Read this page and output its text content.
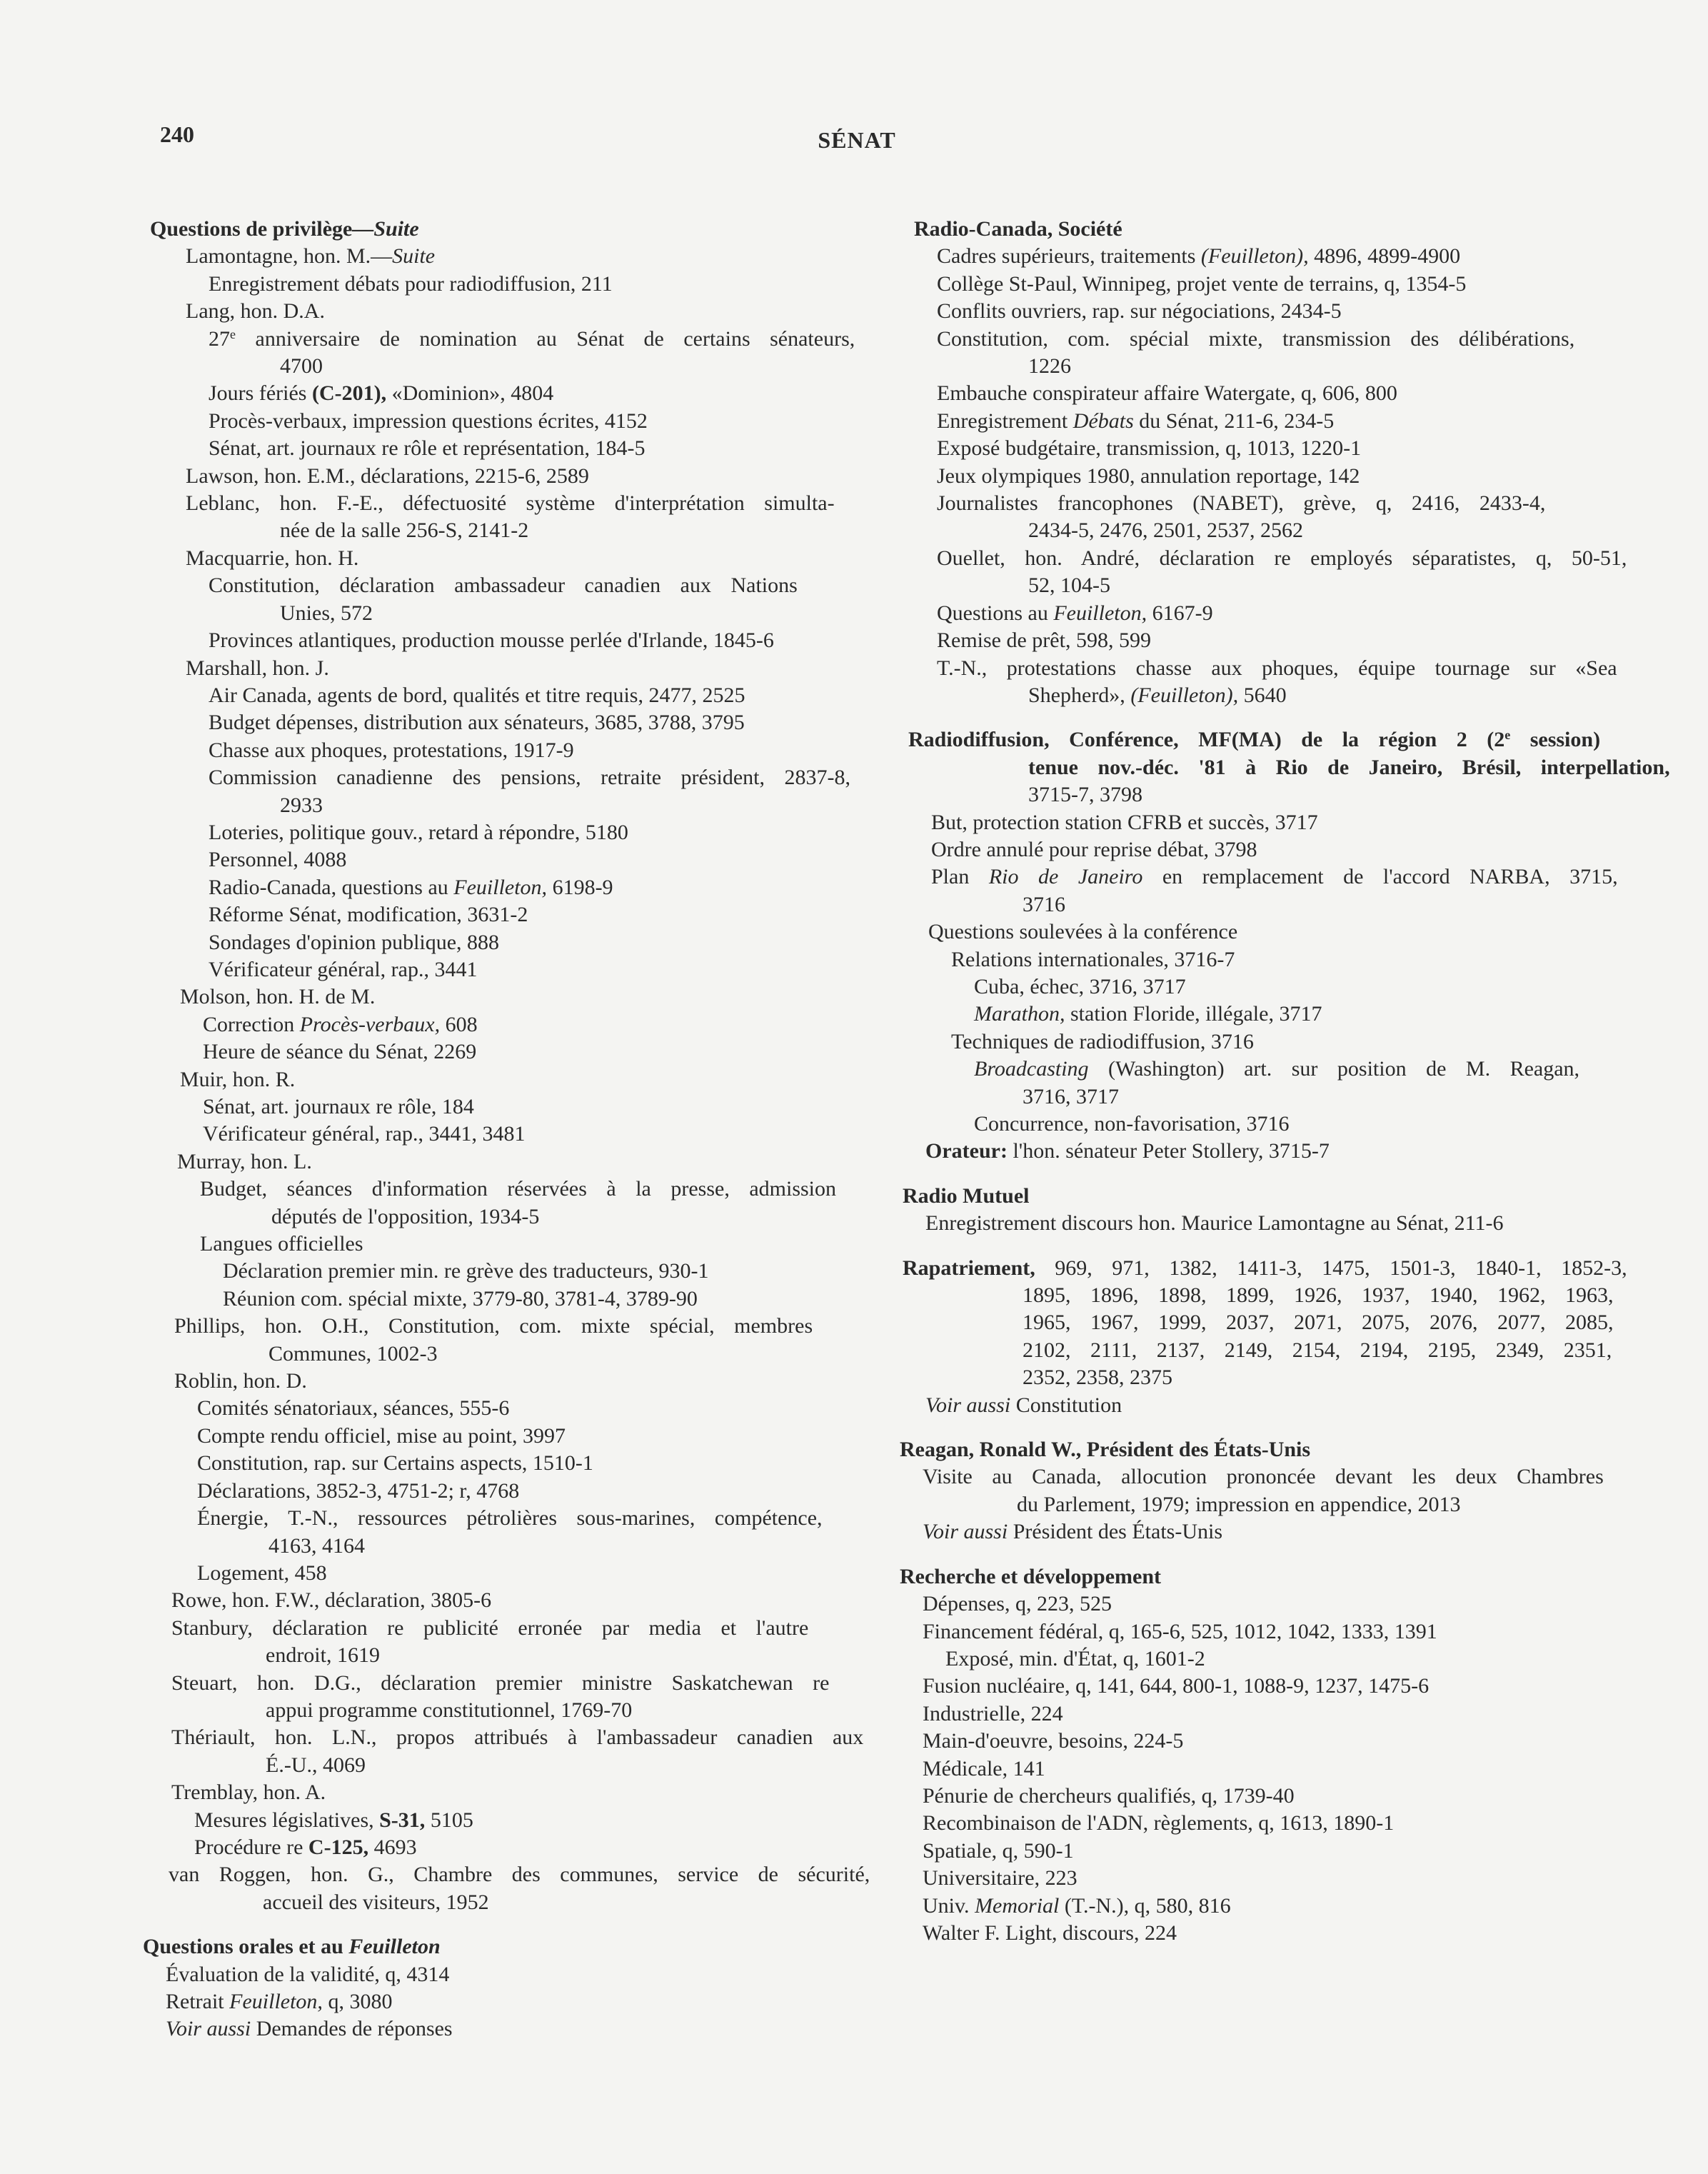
240	SÉNAT
Questions de privilège—Suite
Lamontagne, hon. M.—Suite
Enregistrement débats pour radiodiffusion, 211
Lang, hon. D.A.
27e anniversaire de nomination au Sénat de certains sénateurs,
4700
Jours fériés (C-201), «Dominion», 4804
Procès-verbaux, impression questions écrites, 4152
Sénat, art. journaux re rôle et représentation, 184-5
Lawson, hon. E.M., déclarations, 2215-6, 2589
Leblanc, hon. F.-E., défectuosité système d'interprétation simulta-
née de la salle 256-S, 2141-2
Macquarrie, hon. H.
Constitution, déclaration ambassadeur canadien aux Nations
Unies, 572
Provinces atlantiques, production mousse perlée d'Irlande, 1845-6
Marshall, hon. J.
Air Canada, agents de bord, qualités et titre requis, 2477, 2525
Budget dépenses, distribution aux sénateurs, 3685, 3788, 3795
Chasse aux phoques, protestations, 1917-9
Commission canadienne des pensions, retraite président, 2837-8,
2933
Loteries, politique gouv., retard à répondre, 5180
Personnel, 4088
Radio-Canada, questions au Feuilleton, 6198-9
Réforme Sénat, modification, 3631-2
Sondages d'opinion publique, 888
Vérificateur général, rap., 3441
Molson, hon. H. de M.
Correction Procès-verbaux, 608
Heure de séance du Sénat, 2269
Muir, hon. R.
Sénat, art. journaux re rôle, 184
Vérificateur général, rap., 3441, 3481
Murray, hon. L.
Budget, séances d'information réservées à la presse, admission
députés de l'opposition, 1934-5
Langues officielles
Déclaration premier min. re grève des traducteurs, 930-1
Réunion com. spécial mixte, 3779-80, 3781-4, 3789-90
Phillips, hon. O.H., Constitution, com. mixte spécial, membres
Communes, 1002-3
Roblin, hon. D.
Comités sénatoriaux, séances, 555-6
Compte rendu officiel, mise au point, 3997
Constitution, rap. sur Certains aspects, 1510-1
Déclarations, 3852-3, 4751-2; r, 4768
Énergie, T.-N., ressources pétrolières sous-marines, compétence,
4163, 4164
Logement, 458
Rowe, hon. F.W., déclaration, 3805-6
Stanbury, déclaration re publicité erronée par media et l'autre
endroit, 1619
Steuart, hon. D.G., déclaration premier ministre Saskatchewan re
appui programme constitutionnel, 1769-70
Thériault, hon. L.N., propos attribués à l'ambassadeur canadien aux
É.-U., 4069
Tremblay, hon. A.
Mesures législatives, S-31, 5105
Procédure re C-125, 4693
van Roggen, hon. G., Chambre des communes, service de sécurité,
accueil des visiteurs, 1952
Questions orales et au Feuilleton
Évaluation de la validité, q, 4314
Retrait Feuilleton, q, 3080
Voir aussi Demandes de réponses
Radio-Canada, Société
Cadres supérieurs, traitements (Feuilleton), 4896, 4899-4900
Collège St-Paul, Winnipeg, projet vente de terrains, q, 1354-5
Conflits ouvriers, rap. sur négociations, 2434-5
Constitution, com. spécial mixte, transmission des délibérations,
1226
Embauche conspirateur affaire Watergate, q, 606, 800
Enregistrement Débats du Sénat, 211-6, 234-5
Exposé budgétaire, transmission, q, 1013, 1220-1
Jeux olympiques 1980, annulation reportage, 142
Journalistes francophones (NABET), grève, q, 2416, 2433-4,
2434-5, 2476, 2501, 2537, 2562
Ouellet, hon. André, déclaration re employés séparatistes, q, 50-51,
52, 104-5
Questions au Feuilleton, 6167-9
Remise de prêt, 598, 599
T.-N., protestations chasse aux phoques, équipe tournage sur «Sea
Shepherd», (Feuilleton), 5640
Radiodiffusion, Conférence, MF(MA) de la région 2 (2e session)
tenue nov.-déc. '81 à Rio de Janeiro, Brésil, interpellation,
3715-7, 3798
But, protection station CFRB et succès, 3717
Ordre annulé pour reprise débat, 3798
Plan Rio de Janeiro en remplacement de l'accord NARBA, 3715,
3716
Questions soulevées à la conférence
Relations internationales, 3716-7
Cuba, échec, 3716, 3717
Marathon, station Floride, illégale, 3717
Techniques de radiodiffusion, 3716
Broadcasting (Washington) art. sur position de M. Reagan,
3716, 3717
Concurrence, non-favorisation, 3716
Orateur: l'hon. sénateur Peter Stollery, 3715-7
Radio Mutuel
Enregistrement discours hon. Maurice Lamontagne au Sénat, 211-6
Rapatriement, 969, 971, 1382, 1411-3, 1475, 1501-3, 1840-1, 1852-3,
1895, 1896, 1898, 1899, 1926, 1937, 1940, 1962, 1963,
1965, 1967, 1999, 2037, 2071, 2075, 2076, 2077, 2085,
2102, 2111, 2137, 2149, 2154, 2194, 2195, 2349, 2351,
2352, 2358, 2375
Voir aussi Constitution
Reagan, Ronald W., Président des États-Unis
Visite au Canada, allocution prononcée devant les deux Chambres
du Parlement, 1979; impression en appendice, 2013
Voir aussi Président des États-Unis
Recherche et développement
Dépenses, q, 223, 525
Financement fédéral, q, 165-6, 525, 1012, 1042, 1333, 1391
Exposé, min. d'État, q, 1601-2
Fusion nucléaire, q, 141, 644, 800-1, 1088-9, 1237, 1475-6
Industrielle, 224
Main-d'oeuvre, besoins, 224-5
Médicale, 141
Pénurie de chercheurs qualifiés, q, 1739-40
Recombinaison de l'ADN, règlements, q, 1613, 1890-1
Spatiale, q, 590-1
Universitaire, 223
Univ. Memorial (T.-N.), q, 580, 816
Walter F. Light, discours, 224
